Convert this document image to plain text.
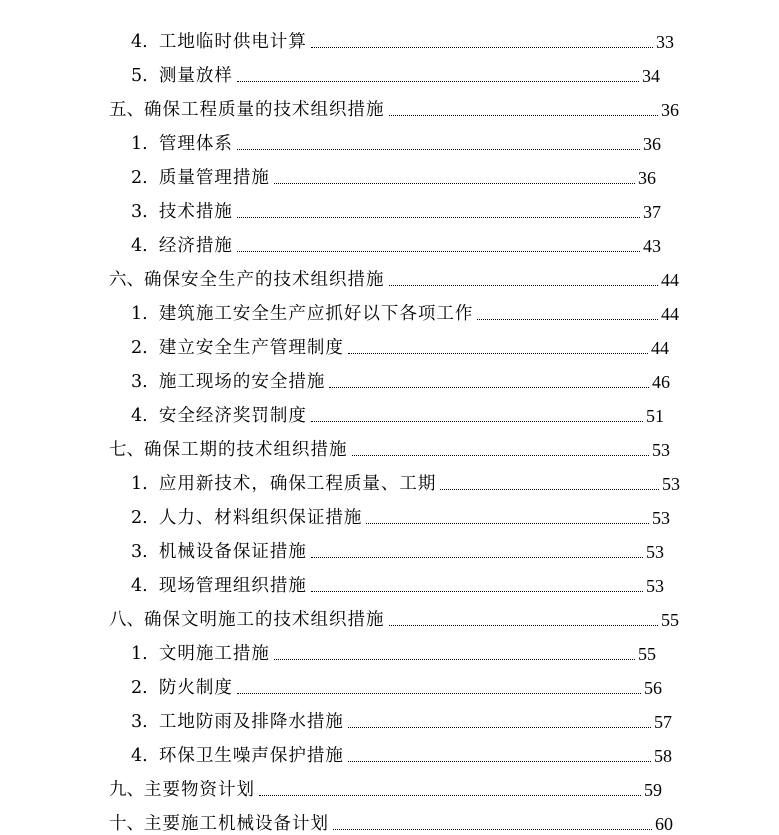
4. 工地临时供电计算	33
5. 测量放样	34
五、 确保工程质量的技术组织措施	36
1. 管理体系	36
2. 质量管理措施	36
3. 技术措施	37
4. 经济措施	43
六、 确保安全生产的技术组织措施	44
1. 建筑施工安全生产应抓好以下各项工作	44
2. 建立安全生产管理制度	44
3. 施工现场的安全措施	46
4. 安全经济奖罚制度	51
七、 确保工期的技术组织措施	53
1. 应用新技术，确保工程质量、工期	53
2. 人力、材料组织保证措施	53
3. 机械设备保证措施	53
4. 现场管理组织措施	53
八、 确保文明施工的技术组织措施	55
1. 文明施工措施	55
2. 防火制度	56
3. 工地防雨及排降水措施	57
4. 环保卫生噪声保护措施	58
九、 主要物资计划	59
十、 主要施工机械设备计划	60
